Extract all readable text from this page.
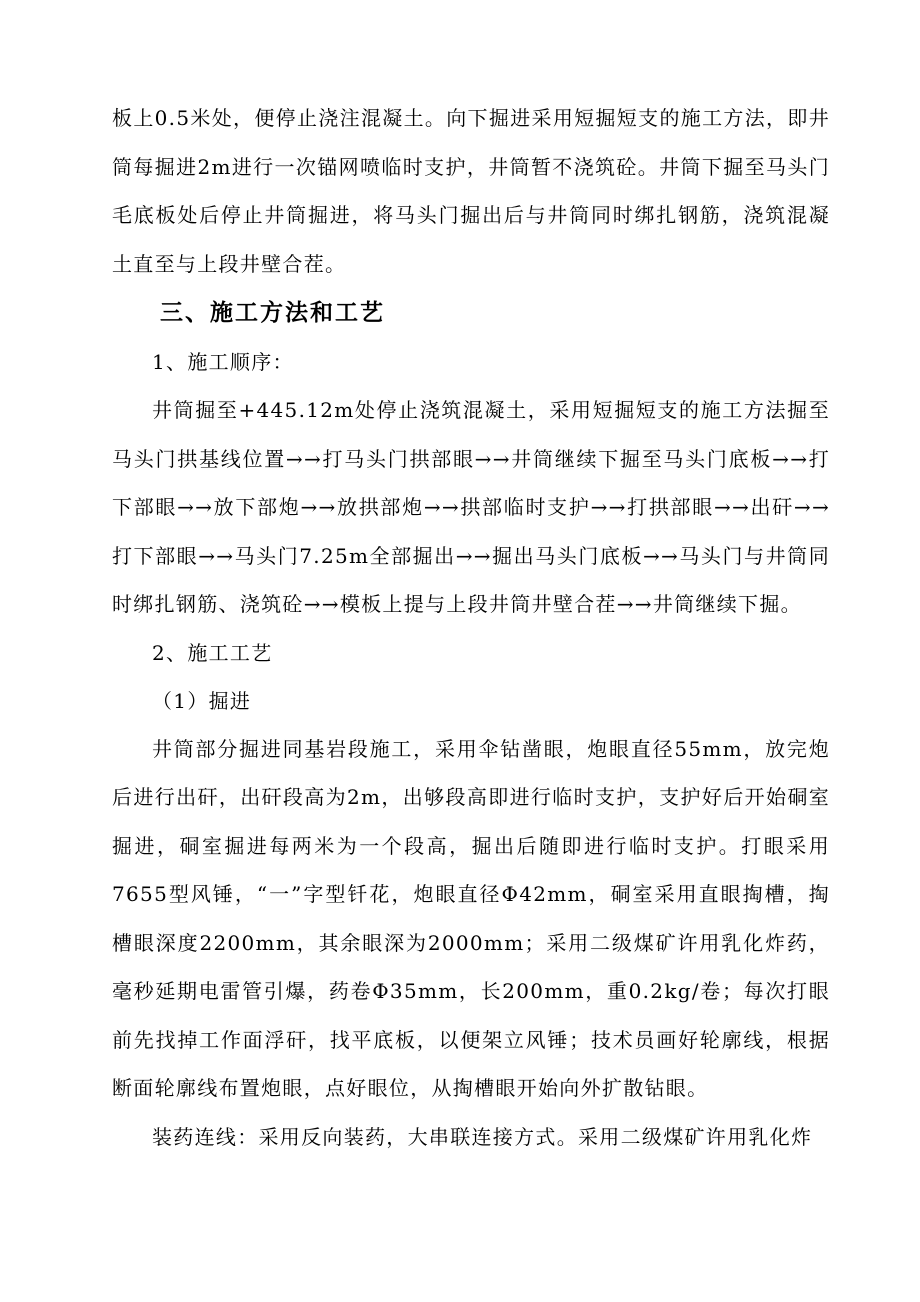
板上0.5米处，便停止浇注混凝土。向下掘进采用短掘短支的施工方法，即井筒每掘进2m进行一次锚网喷临时支护，井筒暂不浇筑砼。井筒下掘至马头门毛底板处后停止井筒掘进，将马头门掘出后与井筒同时绑扎钢筋，浇筑混凝土直至与上段井壁合茬。

三、施工方法和工艺

1、施工顺序：

井筒掘至+445.12m处停止浇筑混凝土，采用短掘短支的施工方法掘至马头门拱基线位置→→打马头门拱部眼→→井筒继续下掘至马头门底板→→打下部眼→→放下部炮→→放拱部炮→→拱部临时支护→→打拱部眼→→出矸→→打下部眼→→马头门7.25m全部掘出→→掘出马头门底板→→马头门与井筒同时绑扎钢筋、浇筑砼→→模板上提与上段井筒井壁合茬→→井筒继续下掘。

2、施工工艺

（1）掘进

井筒部分掘进同基岩段施工，采用伞钻凿眼，炮眼直径55mm，放完炮后进行出矸，出矸段高为2m，出够段高即进行临时支护，支护好后开始硐室掘进，硐室掘进每两米为一个段高，掘出后随即进行临时支护。打眼采用7655型风锤，“一”字型钎花，炮眼直径Φ42mm，硐室采用直眼掏槽，掏槽眼深度2200mm，其余眼深为2000mm；采用二级煤矿许用乳化炸药，毫秒延期电雷管引爆，药卷Φ35mm，长200mm，重0.2kg/卷；每次打眼前先找掉工作面浮矸，找平底板，以便架立风锤；技术员画好轮廓线，根据断面轮廓线布置炮眼，点好眼位，从掏槽眼开始向外扩散钻眼。

装药连线：采用反向装药，大串联连接方式。采用二级煤矿许用乳化炸
